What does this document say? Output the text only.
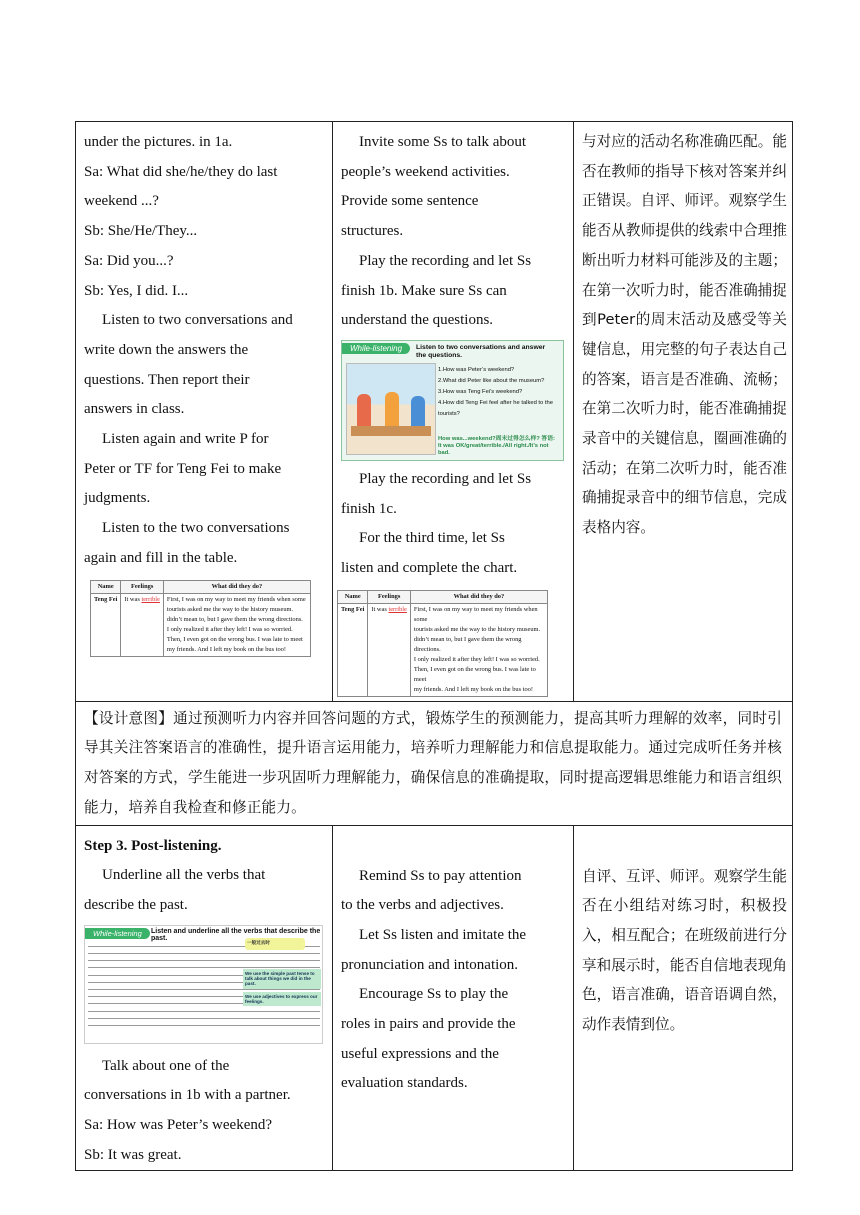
under the pictures. in 1a.

Sa: What did she/he/they do last

weekend ...?

Sb: She/He/They...

Sa: Did you...?

Sb: Yes, I did. I...

Listen to two conversations and

write down the answers the

questions. Then report their

answers in class.

Listen again and write P for

Peter or TF for Teng Fei to make

judgments.

Listen to the two conversations

again and fill in the table.

Name	Feelings	What did they do?
Teng Fei	It was terrible	First, I was on my way to meet my friends when some
tourists asked me the way to the history museum.
didn’t mean to, but I gave them the wrong directions.
I only realized it after they left! I was so worried.
Then, I even got on the wrong bus. I was late to meet
my friends. And I left my book on the bus too!

Invite some Ss to talk about

people’s weekend activities.

Provide some sentence

structures.

Play the recording and let Ss

finish 1b. Make sure Ss can

understand the questions.

While-listening	Listen to two conversations and answer the questions.
1.How was Peter’s weekend?
2.What did Peter like about the museum?
3.How was Teng Fei’s weekend?
4.How did Teng Fei feel after he talked to the tourists?
How was...weekend?周末过得怎么样? 答语: It was OK/great/terrible./All right./It’s not bad.

Play the recording and let Ss

finish 1c.

For the third time, let Ss

listen and complete the chart.

Name	Feelings	What did they do?
Teng Fei	It was terrible	First, I was on my way to meet my friends when some
tourists asked me the way to the history museum.
didn’t mean to, but I gave them the wrong directions.
I only realized it after they left! I was so worried.
Then, I even got on the wrong bus. I was late to meet
my friends. And I left my book on the bus too!

与对应的活动名称准确匹配。能否在教师的指导下核对答案并纠正错误。自评、师评。观察学生能否从教师提供的线索中合理推断出听力材料可能涉及的主题；在第一次听力时，能否准确捕捉到Peter的周末活动及感受等关键信息，用完整的句子表达自己的答案，语言是否准确、流畅；在第二次听力时，能否准确捕捉录音中的关键信息，圈画准确的活动；在第二次听力时，能否准确捕捉录音中的细节信息，完成表格内容。

【设计意图】通过预测听力内容并回答问题的方式，锻炼学生的预测能力，提高其听力理解的效率，同时引导其关注答案语言的准确性，提升语言运用能力，培养听力理解能力和信息提取能力。通过完成听任务并核对答案的方式，学生能进一步巩固听力理解能力，确保信息的准确提取，同时提高逻辑思维能力和语言组织能力，培养自我检查和修正能力。

Step 3. Post-listening.

Underline all the verbs that

describe the past.

While-listening	Listen and underline all the verbs that describe the past.
一般过去时
We use the simple past tense to talk about things we did in the past.
We use adjectives to express our feelings.

Talk about one of the

conversations in 1b with a partner.

Sa: How was Peter’s weekend?

Sb: It was great.

Remind Ss to pay attention

to the verbs and adjectives.

Let Ss listen and imitate the

pronunciation and intonation.

Encourage Ss to play the

roles in pairs and provide the

useful expressions and the

evaluation standards.

自评、互评、师评。观察学生能否在小组结对练习时，积极投入，相互配合；在班级前进行分享和展示时，能否自信地表现角色，语言准确，语音语调自然，动作表情到位。
